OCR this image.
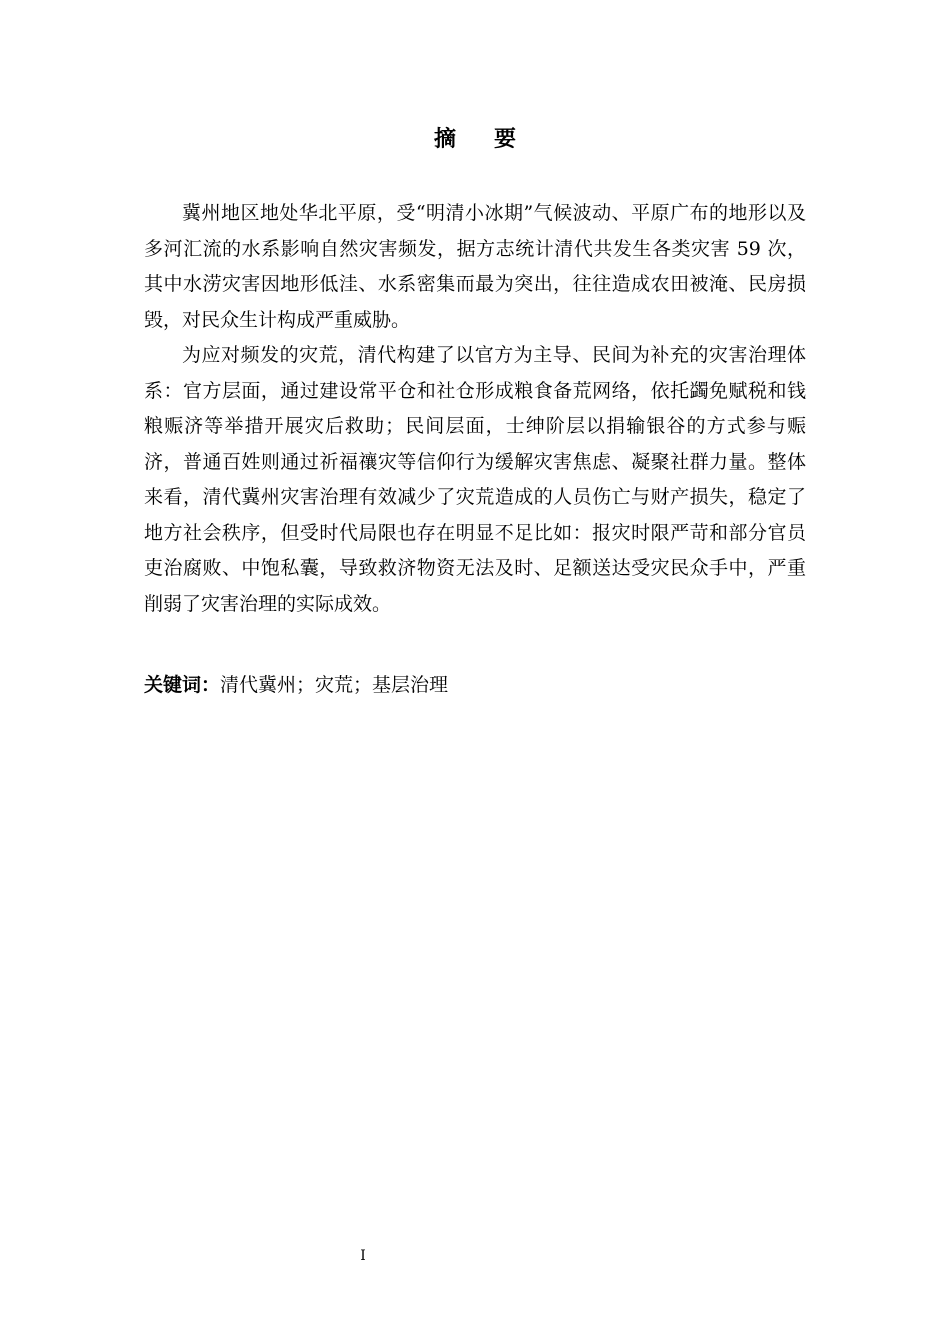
摘 要

冀州地区地处华北平原，受“明清小冰期”气候波动、平原广布的地形以及多河汇流的水系影响自然灾害频发，据方志统计清代共发生各类灾害 59 次，其中水涝灾害因地形低洼、水系密集而最为突出，往往造成农田被淹、民房损毁，对民众生计构成严重威胁。

为应对频发的灾荒，清代构建了以官方为主导、民间为补充的灾害治理体系：官方层面，通过建设常平仓和社仓形成粮食备荒网络，依托蠲免赋税和钱粮赈济等举措开展灾后救助；民间层面，士绅阶层以捐输银谷的方式参与赈济，普通百姓则通过祈福禳灾等信仰行为缓解灾害焦虑、凝聚社群力量。整体来看，清代冀州灾害治理有效减少了灾荒造成的人员伤亡与财产损失，稳定了地方社会秩序，但受时代局限也存在明显不足比如：报灾时限严苛和部分官员吏治腐败、中饱私囊，导致救济物资无法及时、足额送达受灾民众手中，严重削弱了灾害治理的实际成效。

关键词：清代冀州；灾荒；基层治理
I
